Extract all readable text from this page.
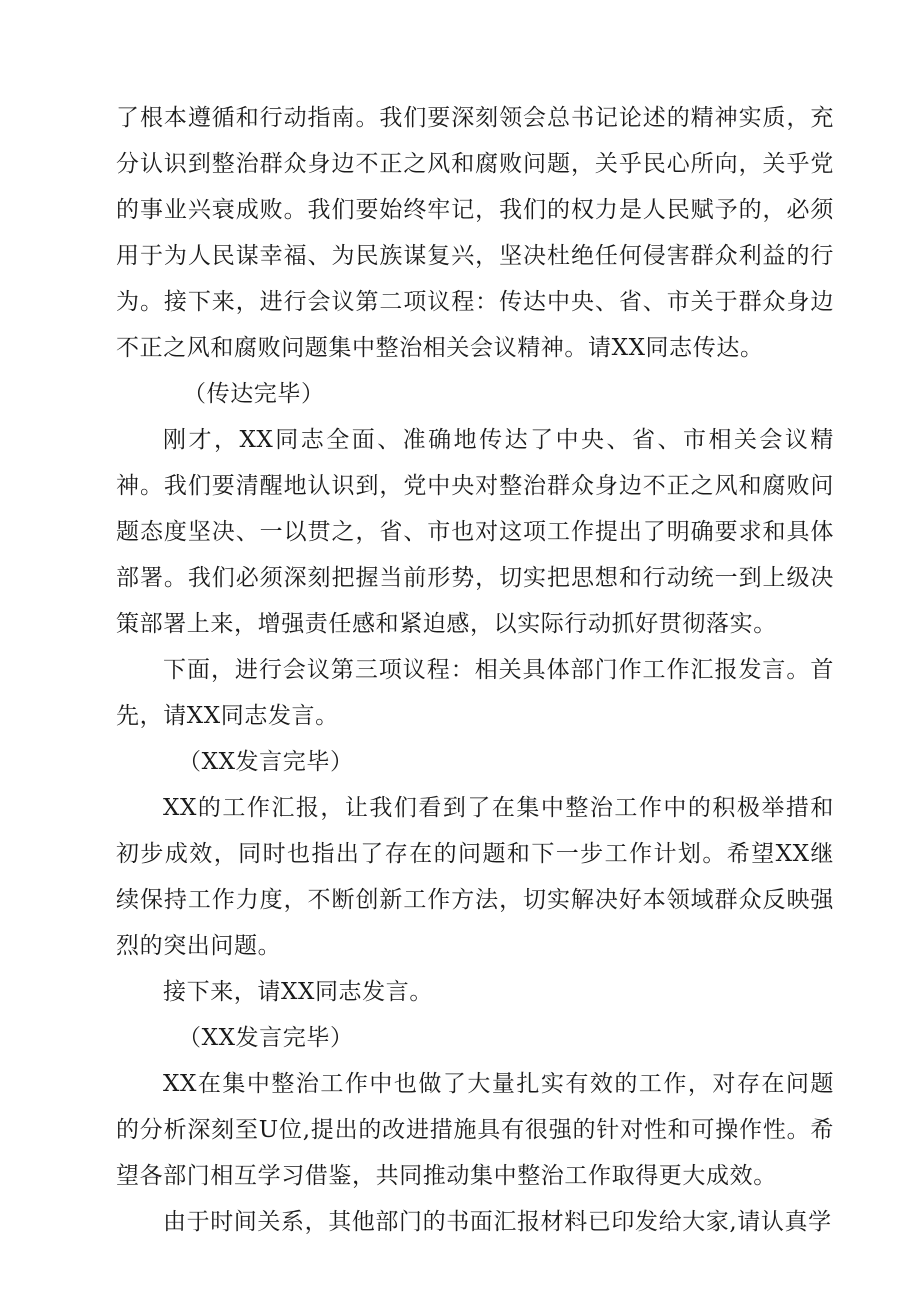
了根本遵循和行动指南。我们要深刻领会总书记论述的精神实质，充分认识到整治群众身边不正之风和腐败问题，关乎民心所向，关乎党的事业兴衰成败。我们要始终牢记，我们的权力是人民赋予的，必须用于为人民谋幸福、为民族谋复兴，坚决杜绝任何侵害群众利益的行为。接下来，进行会议第二项议程：传达中央、省、市关于群众身边不正之风和腐败问题集中整治相关会议精神。请XX同志传达。

（传达完毕）

刚才，XX同志全面、准确地传达了中央、省、市相关会议精神。我们要清醒地认识到，党中央对整治群众身边不正之风和腐败问题态度坚决、一以贯之，省、市也对这项工作提出了明确要求和具体部署。我们必须深刻把握当前形势，切实把思想和行动统一到上级决策部署上来，增强责任感和紧迫感，以实际行动抓好贯彻落实。

下面，进行会议第三项议程：相关具体部门作工作汇报发言。首先，请XX同志发言。

（XX发言完毕）

XX的工作汇报，让我们看到了在集中整治工作中的积极举措和初步成效，同时也指出了存在的问题和下一步工作计划。希望XX继续保持工作力度，不断创新工作方法，切实解决好本领域群众反映强烈的突出问题。

接下来，请XX同志发言。

（XX发言完毕）

XX在集中整治工作中也做了大量扎实有效的工作，对存在问题的分析深刻至U位,提出的改进措施具有很强的针对性和可操作性。希望各部门相互学习借鉴，共同推动集中整治工作取得更大成效。

由于时间关系，其他部门的书面汇报材料已印发给大家,请认真学
